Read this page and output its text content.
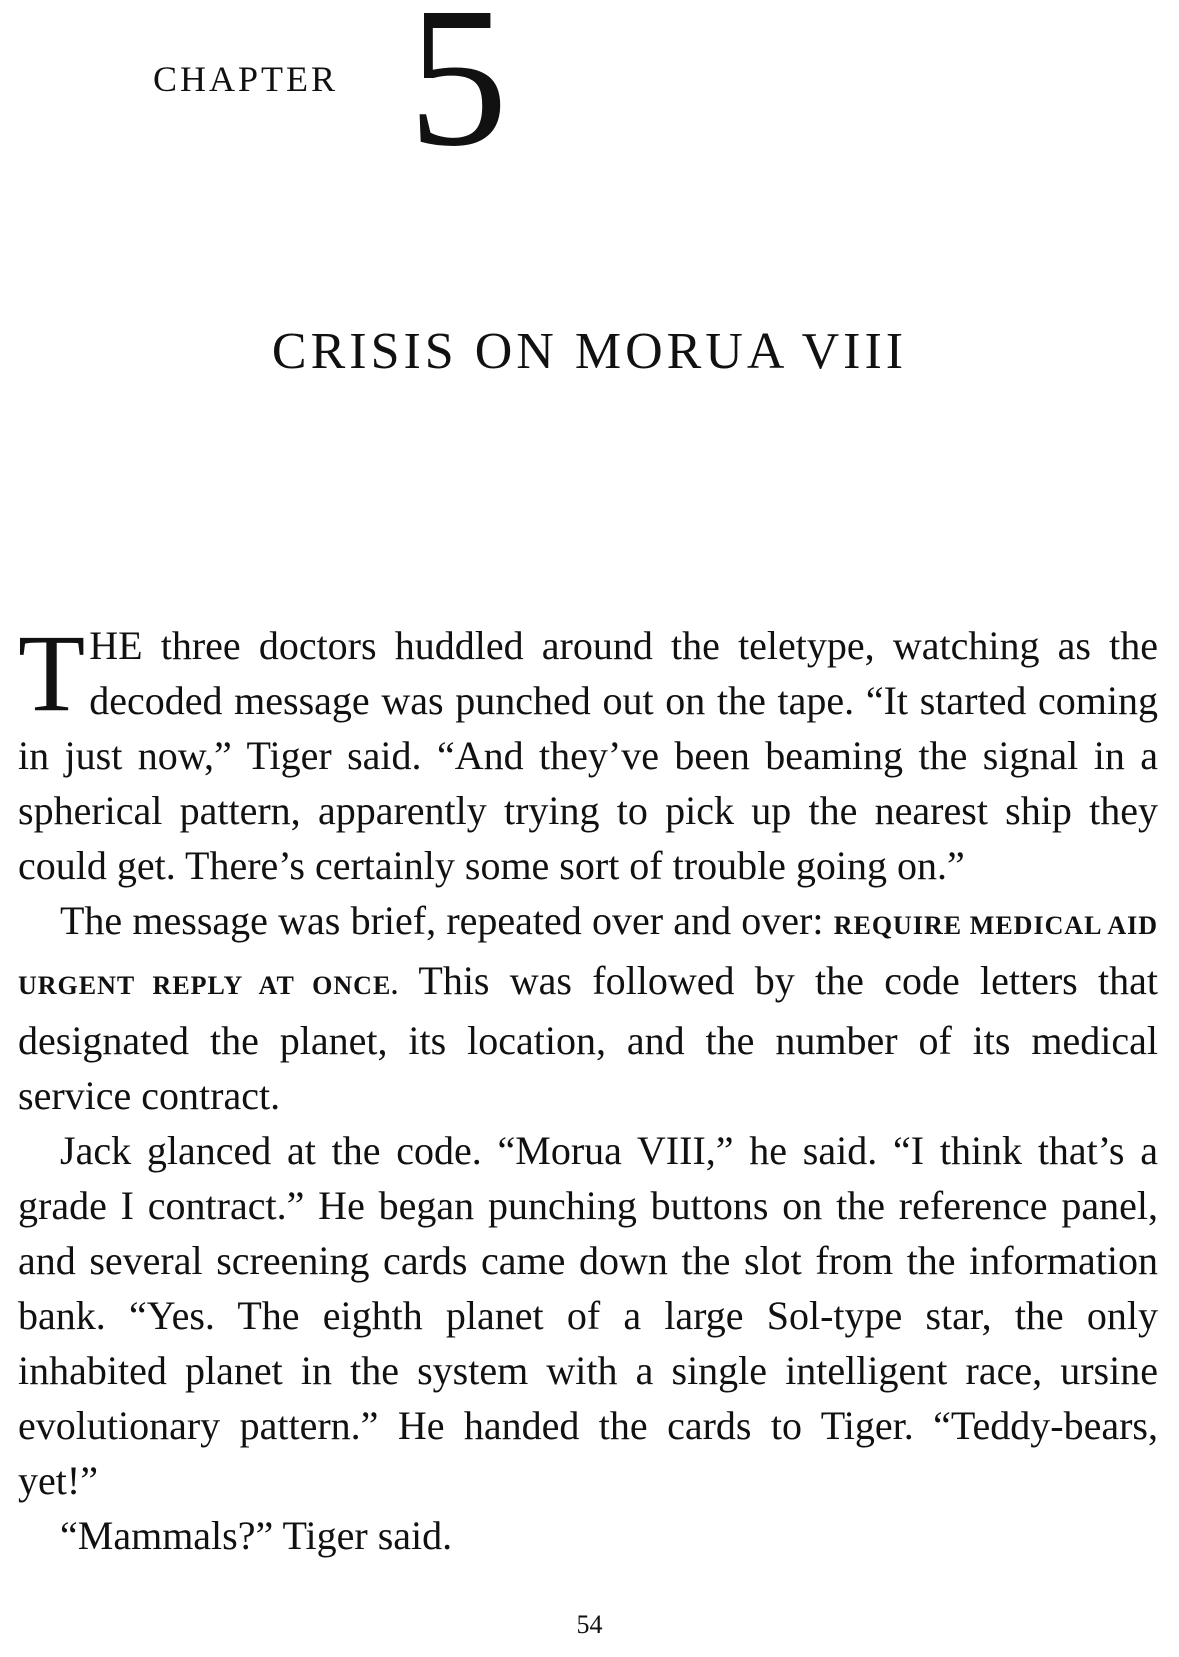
CHAPTER 5
CRISIS ON MORUA VIII

THE three doctors huddled around the teletype, watching as the decoded message was punched out on the tape. “It started coming in just now,” Tiger said. “And they’ve been beaming the signal in a spherical pattern, apparently trying to pick up the nearest ship they could get. There’s certainly some sort of trouble going on.”

The message was brief, repeated over and over: REQUIRE MEDICAL AID URGENT REPLY AT ONCE. This was followed by the code letters that designated the planet, its location, and the number of its medical service contract.

Jack glanced at the code. “Morua VIII,” he said. “I think that’s a grade I contract.” He began punching buttons on the reference panel, and several screening cards came down the slot from the information bank. “Yes. The eighth planet of a large Sol-type star, the only inhabited planet in the system with a single intelligent race, ursine evolutionary pattern.” He handed the cards to Tiger. “Teddy-bears, yet!”

“Mammals?” Tiger said.

54
